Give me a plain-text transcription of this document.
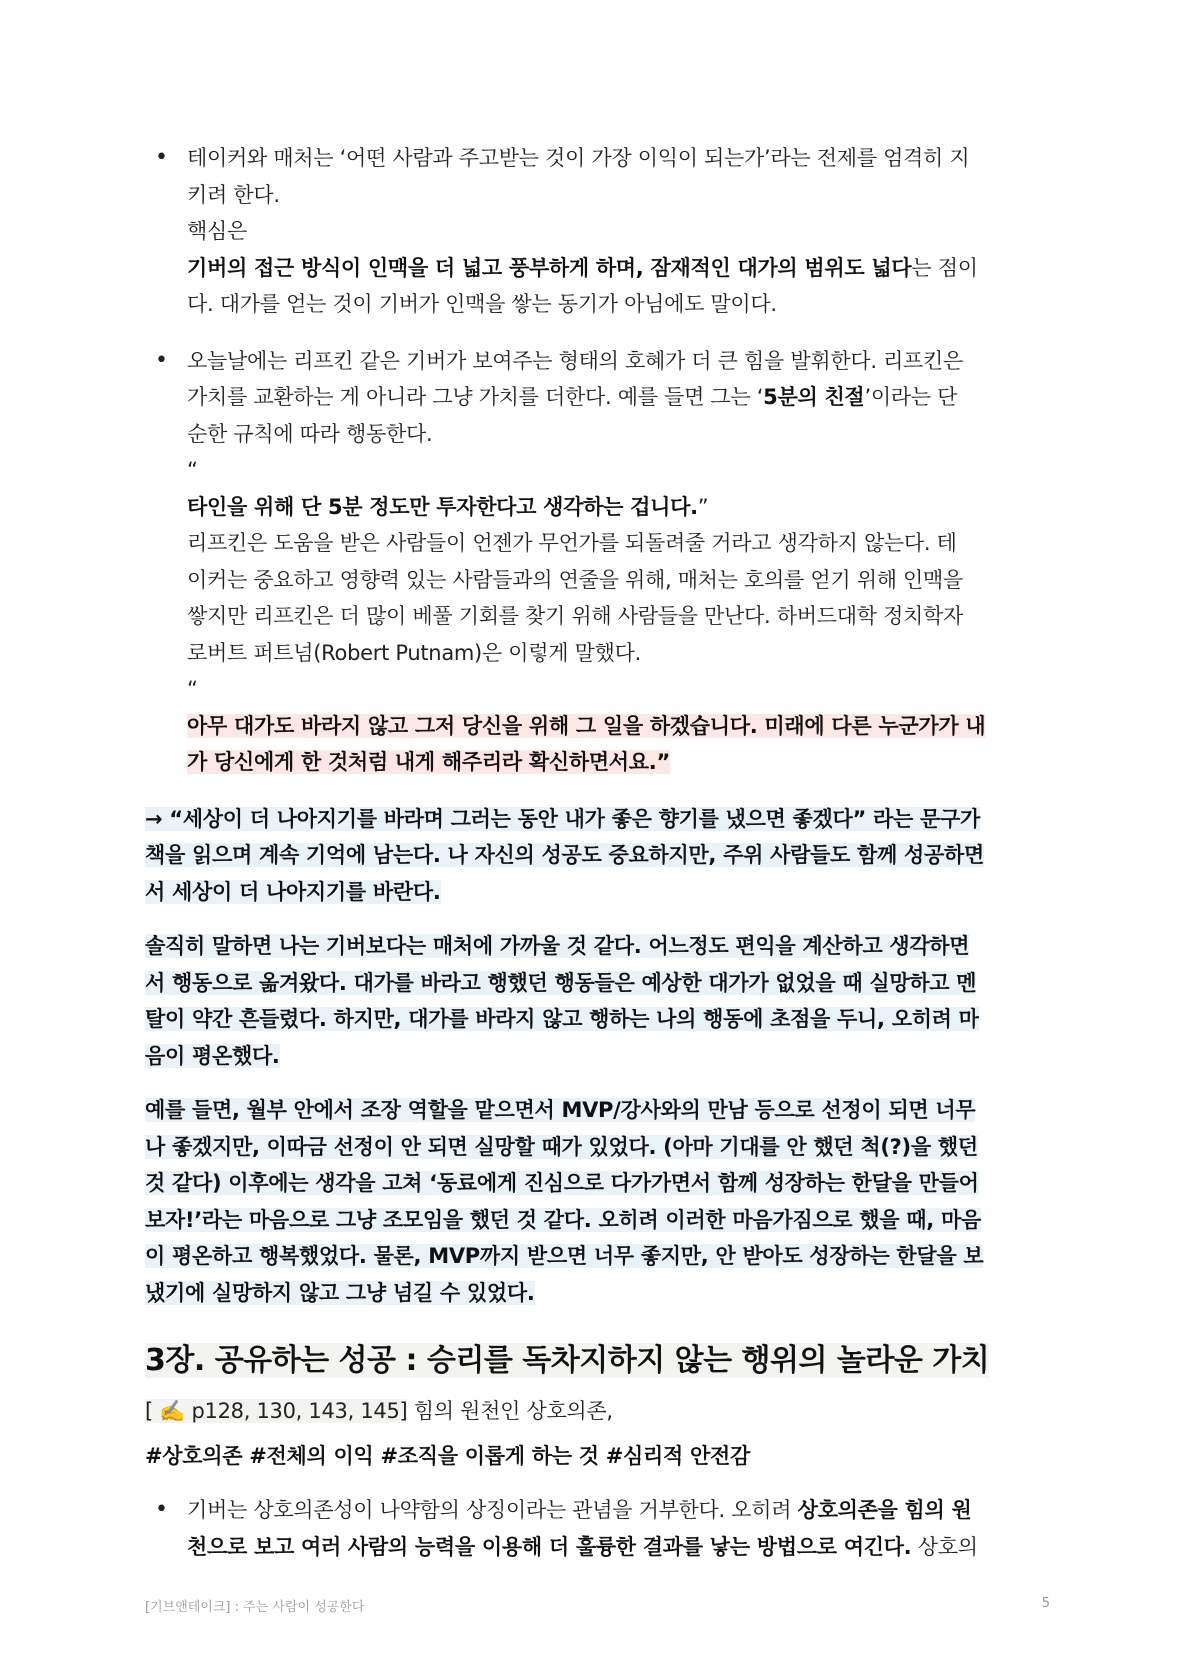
• 테이커와 매처는 ‘어떤 사람과 주고받는 것이 가장 이익이 되는가’라는 전제를 엄격히 지
키려 한다.
핵심은
기버의 접근 방식이 인맥을 더 넓고 풍부하게 하며, 잠재적인 대가의 범위도 넓다는 점이
다. 대가를 얻는 것이 기버가 인맥을 쌓는 동기가 아님에도 말이다.
• 오늘날에는 리프킨 같은 기버가 보여주는 형태의 호혜가 더 큰 힘을 발휘한다. 리프킨은
가치를 교환하는 게 아니라 그냥 가치를 더한다. 예를 들면 그는 ‘5분의 친절’이라는 단
순한 규칙에 따라 행동한다.
“
타인을 위해 단 5분 정도만 투자한다고 생각하는 겁니다.”
리프킨은 도움을 받은 사람들이 언젠가 무언가를 되돌려줄 거라고 생각하지 않는다. 테
이커는 중요하고 영향력 있는 사람들과의 연줄을 위해, 매처는 호의를 얻기 위해 인맥을
쌓지만 리프킨은 더 많이 베풀 기회를 찾기 위해 사람들을 만난다. 하버드대학 정치학자
로버트 퍼트넘(Robert Putnam)은 이렇게 말했다.
“
아무 대가도 바라지 않고 그저 당신을 위해 그 일을 하겠습니다. 미래에 다른 누군가가 내
가 당신에게 한 것처럼 내게 해주리라 확신하면서요.”
→ “세상이 더 나아지기를 바라며 그러는 동안 내가 좋은 향기를 냈으면 좋겠다” 라는 문구가
책을 읽으며 계속 기억에 남는다. 나 자신의 성공도 중요하지만, 주위 사람들도 함께 성공하면
서 세상이 더 나아지기를 바란다.
솔직히 말하면 나는 기버보다는 매처에 가까울 것 같다. 어느정도 편익을 계산하고 생각하면
서 행동으로 옮겨왔다. 대가를 바라고 행했던 행동들은 예상한 대가가 없었을 때 실망하고 멘
탈이 약간 흔들렸다. 하지만, 대가를 바라지 않고 행하는 나의 행동에 초점을 두니, 오히려 마
음이 평온했다.
예를 들면, 월부 안에서 조장 역할을 맡으면서 MVP/강사와의 만남 등으로 선정이 되면 너무
나 좋겠지만, 이따금 선정이 안 되면 실망할 때가 있었다. (아마 기대를 안 했던 척(?)을 했던
것 같다) 이후에는 생각을 고쳐 ‘동료에게 진심으로 다가가면서 함께 성장하는 한달을 만들어
보자!’라는 마음으로 그냥 조모임을 했던 것 같다. 오히려 이러한 마음가짐으로 했을 때, 마음
이 평온하고 행복했었다. 물론, MVP까지 받으면 너무 좋지만, 안 받아도 성장하는 한달을 보
냈기에 실망하지 않고 그냥 넘길 수 있었다.
3장. 공유하는 성공 : 승리를 독차지하지 않는 행위의 놀라운 가치
[ ✍️ p128, 130, 143, 145] 힘의 원천인 상호의존,
#상호의존 #전체의 이익 #조직을 이롭게 하는 것 #심리적 안전감
• 기버는 상호의존성이 나약함의 상징이라는 관념을 거부한다. 오히려 상호의존을 힘의 원
천으로 보고 여러 사람의 능력을 이용해 더 훌륭한 결과를 낳는 방법으로 여긴다. 상호의
[기브앤테이크] : 주는 사람이 성공한다	5
